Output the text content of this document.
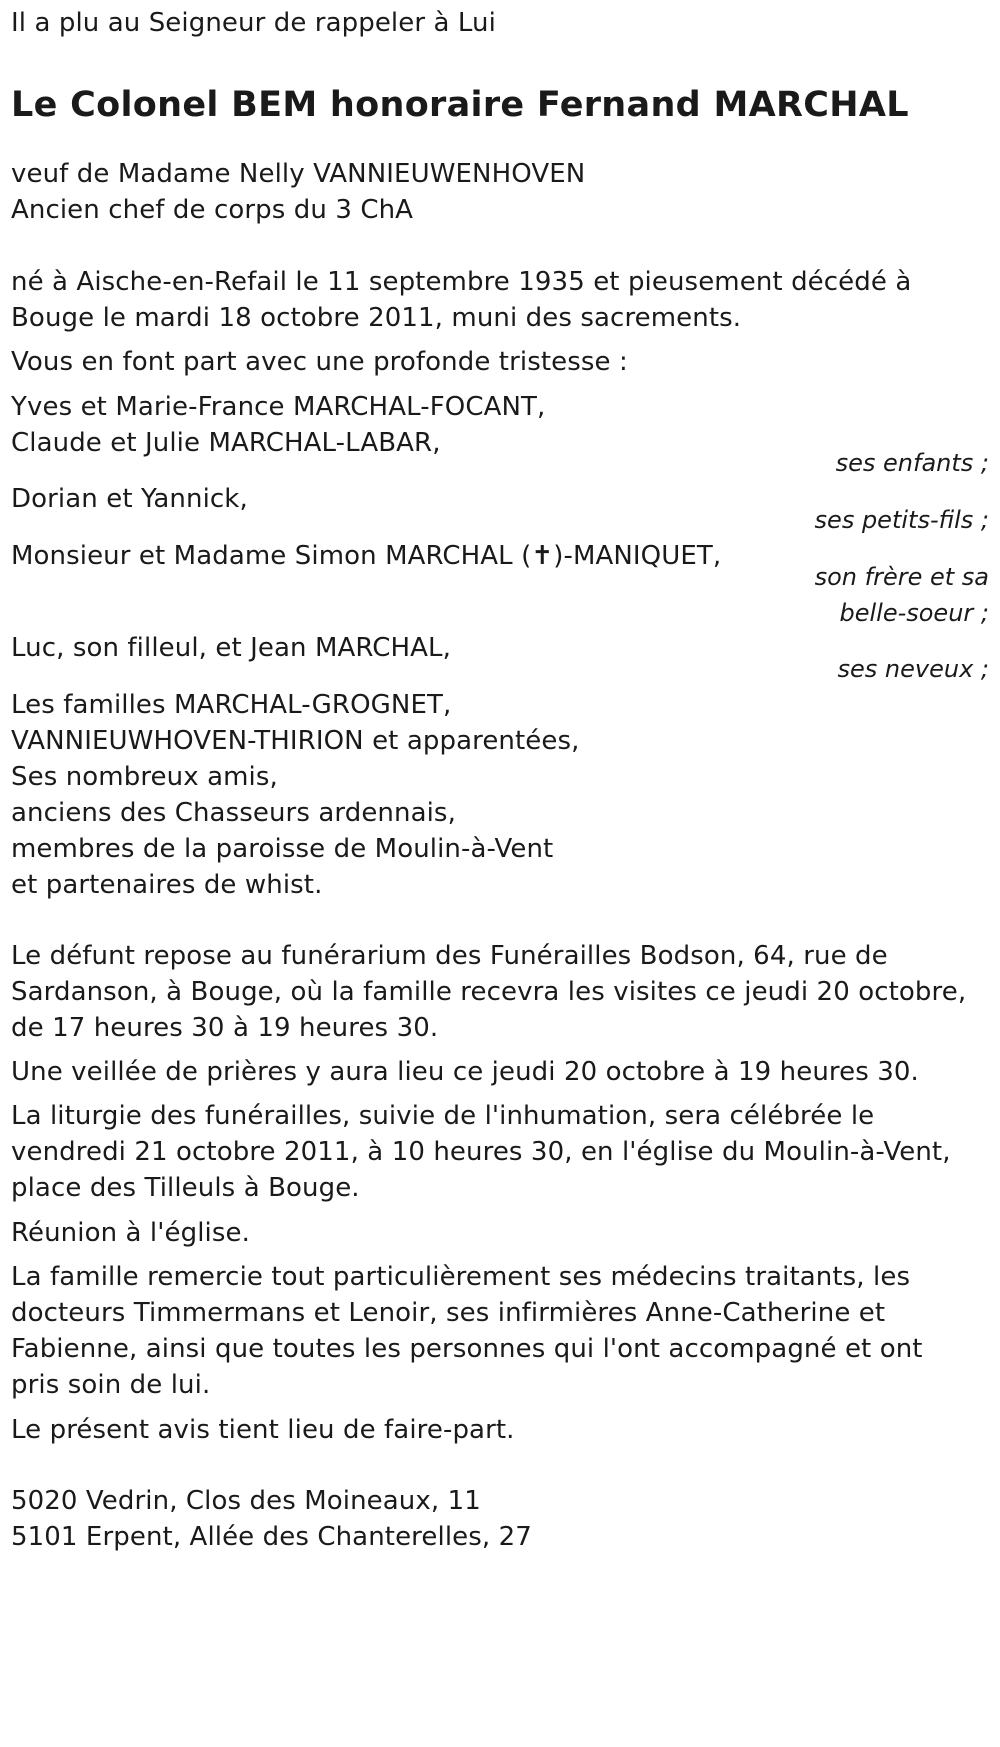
Il a plu au Seigneur de rappeler à Lui
Le Colonel BEM honoraire Fernand MARCHAL
veuf de Madame Nelly VANNIEUWENHOVEN
Ancien chef de corps du 3 ChA
né à Aische-en-Refail le 11 septembre 1935 et pieusement décédé à
Bouge le mardi 18 octobre 2011, muni des sacrements.
Vous en font part avec une profonde tristesse :
Yves et Marie-France MARCHAL-FOCANT,
Claude et Julie MARCHAL-LABAR,
ses enfants ;
Dorian et Yannick,
ses petits-fils ;
Monsieur et Madame Simon MARCHAL (✝)-MANIQUET,
son frère et sa
belle-soeur ;
Luc, son filleul, et Jean MARCHAL,
ses neveux ;
Les familles MARCHAL-GROGNET,
VANNIEUWHOVEN-THIRION et apparentées,
Ses nombreux amis,
anciens des Chasseurs ardennais,
membres de la paroisse de Moulin-à-Vent
et partenaires de whist.
Le défunt repose au funérarium des Funérailles Bodson, 64, rue de
Sardanson, à Bouge, où la famille recevra les visites ce jeudi 20 octobre,
de 17 heures 30 à 19 heures 30.
Une veillée de prières y aura lieu ce jeudi 20 octobre à 19 heures 30.
La liturgie des funérailles, suivie de l'inhumation, sera célébrée le
vendredi 21 octobre 2011, à 10 heures 30, en l'église du Moulin-à-Vent,
place des Tilleuls à Bouge.
Réunion à l'église.
La famille remercie tout particulièrement ses médecins traitants, les
docteurs Timmermans et Lenoir, ses infirmières Anne-Catherine et
Fabienne, ainsi que toutes les personnes qui l'ont accompagné et ont
pris soin de lui.
Le présent avis tient lieu de faire-part.
5020 Vedrin, Clos des Moineaux, 11
5101 Erpent, Allée des Chanterelles, 27
